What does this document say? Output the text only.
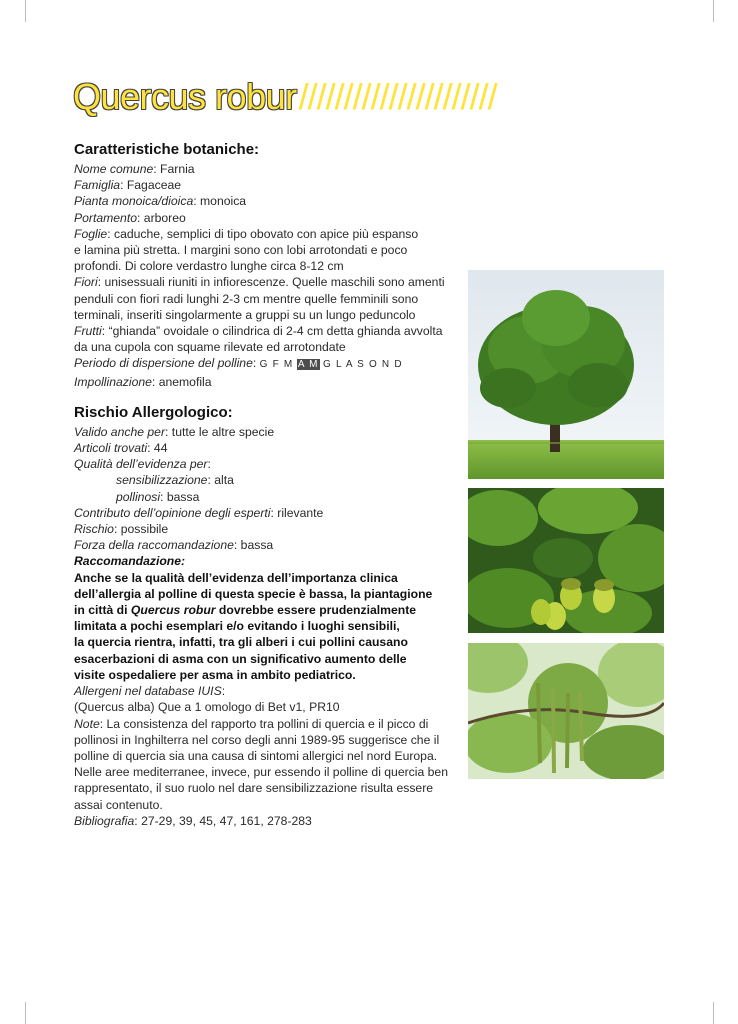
Quercus robur//////////////////////
Caratteristiche botaniche:
Nome comune: Farnia
Famiglia: Fagaceae
Pianta monoica/dioica: monoica
Portamento: arboreo
Foglie: caduche, semplici di tipo obovato con apice più espanso
e lamina più stretta. I margini sono con lobi arrotondati e poco
profondi. Di colore verdastro lunghe circa 8-12 cm
Fiori: unisessuali riuniti in infiorescenze. Quelle maschili sono amenti
penduli con fiori radi lunghi 2-3 cm mentre quelle femminili sono
terminali, inseriti singolarmente a gruppi su un lungo peduncolo
Frutti: “ghianda” ovoidale o cilindrica di 2-4 cm detta ghianda avvolta
da una cupola con squame rilevate ed arrotondate
Periodo di dispersione del polline: G F M A M G L A S O N D
Impollinazione: anemofila
Rischio Allergologico:
Valido anche per: tutte le altre specie
Articoli trovati: 44
Qualità dell’evidenza per:
sensibilizzazione: alta
pollinosi: bassa
Contributo dell’opinione degli esperti: rilevante
Rischio: possibile
Forza della raccomandazione: bassa
Raccomandazione:
Anche se la qualità dell’evidenza dell’importanza clinica
dell’allergia al polline di questa specie è bassa, la piantagione
in città di Quercus robur dovrebbe essere prudenzialmente
limitata a pochi esemplari e/o evitando i luoghi sensibili,
la quercia rientra, infatti, tra gli alberi i cui pollini causano
esacerbazioni di asma con un significativo aumento delle
visite ospedaliere per asma in ambito pediatrico.
Allergeni nel database IUIS:
(Quercus alba) Que a 1 omologo di Bet v1, PR10
Note: La consistenza del rapporto tra pollini di quercia e il picco di
pollinosi in Inghilterra nel corso degli anni 1989-95 suggerisce che il
polline di quercia sia una causa di sintomi allergici nel nord Europa.
Nelle aree mediterranee, invece, pur essendo il polline di quercia ben
rappresentato, il suo ruolo nel dare sensibilizzazione risulta essere
assai contenuto.
Bibliografia: 27-29, 39, 45, 47, 161, 278-283
